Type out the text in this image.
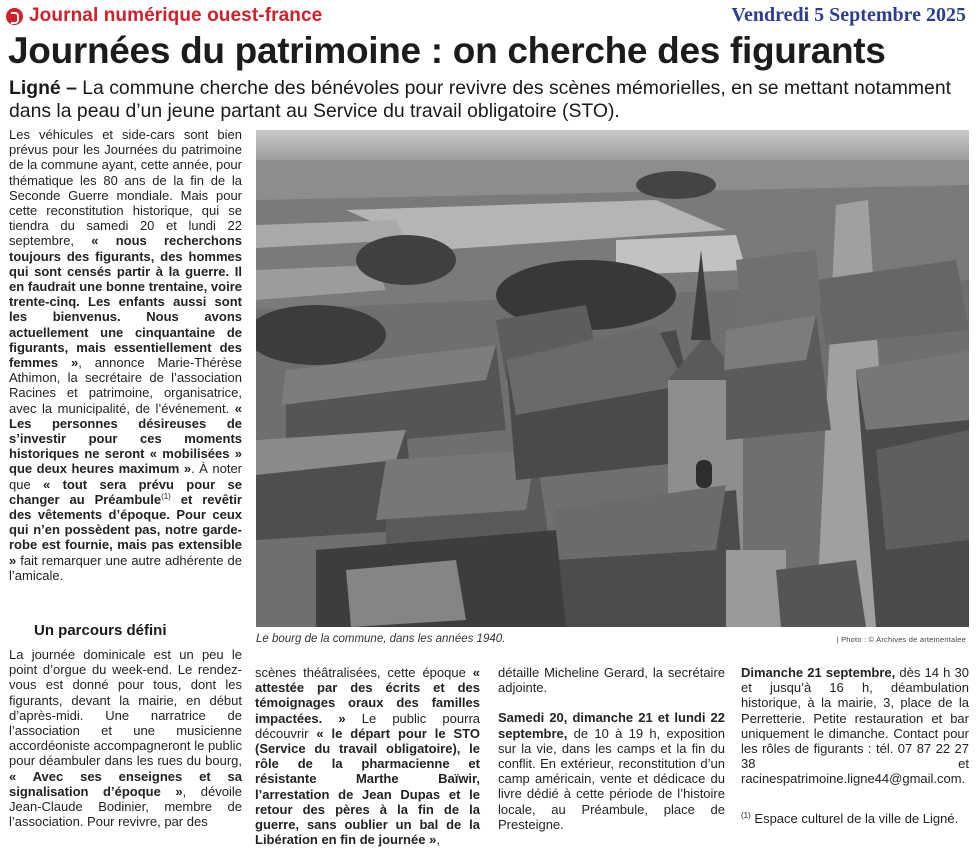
Journal numérique ouest-france	Vendredi 5 Septembre 2025
Journées du patrimoine : on cherche des figurants

Ligné – La commune cherche des bénévoles pour revivre des scènes mémorielles, en se mettant notamment dans la peau d’un jeune partant au Service du travail obligatoire (STO).

Les véhicules et side-cars sont bien prévus pour les Journées du patrimoine de la commune ayant, cette année, pour thématique les 80 ans de la fin de la Seconde Guerre mondiale. Mais pour cette reconstitution historique, qui se tiendra du samedi 20 et lundi 22 septembre, « nous recherchons toujours des figurants, des hommes qui sont censés partir à la guerre. Il en faudrait une bonne trentaine, voire trente-cinq. Les enfants aussi sont les bienvenus. Nous avons actuellement une cinquantaine de figurants, mais essentiellement des femmes », annonce Marie-Thérèse Athimon, la secrétaire de l’association Racines et patrimoine, organisatrice, avec la municipalité, de l’événement. « Les personnes désireuses de s’investir pour ces moments historiques ne seront « mobilisées » que deux heures maximum ». À noter que « tout sera prévu pour se changer au Préambule$^{(1)}$ et revêtir des vêtements d’époque. Pour ceux qui n’en possèdent pas, notre garde-robe est fournie, mais pas extensible » fait remarquer une autre adhérente de l’amicale.
Un parcours défini
La journée dominicale est un peu le point d’orgue du week-end. Le rendez-vous est donné pour tous, dont les figurants, devant la mairie, en début d’après-midi. Une narratrice de l’association et une musicienne accordéoniste accompagneront le public pour déambuler dans les rues du bourg, « Avec ses enseignes et sa signalisation d’époque », dévoile Jean-Claude Bodinier, membre de l’association. Pour revivre, par des
Le bourg de la commune, dans les années 1940.	| Photo : © Archives de artementalee
scènes théâtralisées, cette époque « attestée par des écrits et des témoignages oraux des familles impactées. » Le public pourra découvrir « le départ pour le STO (Service du travail obligatoire), le rôle de la pharmacienne et résistante Marthe Baïwir, l’arrestation de Jean Dupas et le retour des pères à la fin de la guerre, sans oublier un bal de la Libération en fin de journée »,

détaille Micheline Gerard, la secrétaire adjointe.

Samedi 20, dimanche 21 et lundi 22 septembre, de 10 à 19 h, exposition sur la vie, dans les camps et la fin du conflit. En extérieur, reconstitution d’un camp américain, vente et dédicace du livre dédié à cette période de l’histoire locale, au Préambule, place de Presteigne.

Dimanche 21 septembre, dès 14 h 30 et jusqu’à 16 h, déambulation historique, à la mairie, 3, place de la Perretterie. Petite restauration et bar uniquement le dimanche. Contact pour les rôles de figurants : tél. 07 87 22 27 38 et racinespatrimoine.ligne44@gmail.com.
$^{(1)}$ Espace culturel de la ville de Ligné.
